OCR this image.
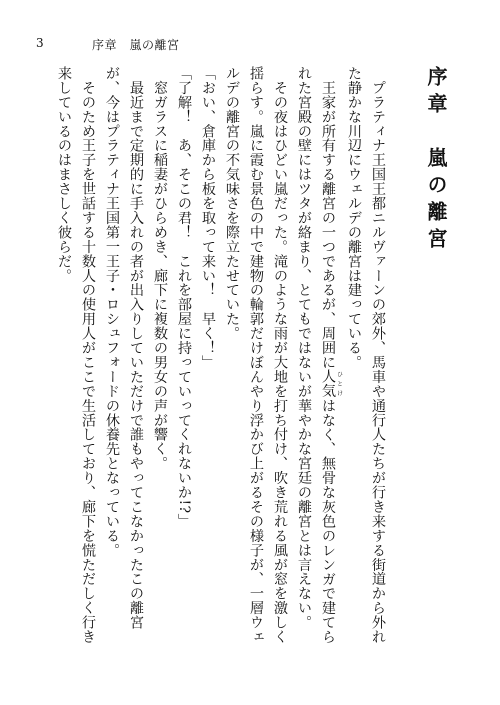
3	序章　嵐の離宮
序章　嵐の離宮

　プラティナ王国王都ニルヴァーンの郊外、馬車や通行人たちが行き来する街道から外れた静かな川辺にウェルデの離宮は建っている。

　王家が所有する離宮の一つであるが、周囲に人気 ひとけはなく、無骨な灰色のレンガで建てられた宮殿の壁にはツタが絡まり、とてもではないが華やかな宮廷の離宮とは言えない。

　その夜はひどい嵐だった。滝のような雨が大地を打ち付け、吹き荒れる風が窓を激しく揺らす。嵐に霞む景色の中で建物の輪郭だけぼんやり浮かび上がるその様子が、一層ウェルデの離宮の不気味さを際立たせていた。

「おい、倉庫から板を取って来い！　早く！」

「了解！　あ、そこの君！　これを部屋に持っていってくれないか!?」

　窓ガラスに稲妻がひらめき、廊下に複数の男女の声が響く。

　最近まで定期的に手入れの者が出入りしていただけで誰もやってこなかったこの離宮が、今はプラティナ王国第一王子・ロシュフォードの休養先となっている。

　そのため王子を世話する十数人の使用人がここで生活しており、廊下を慌ただしく行き来しているのはまさしく彼らだ。
